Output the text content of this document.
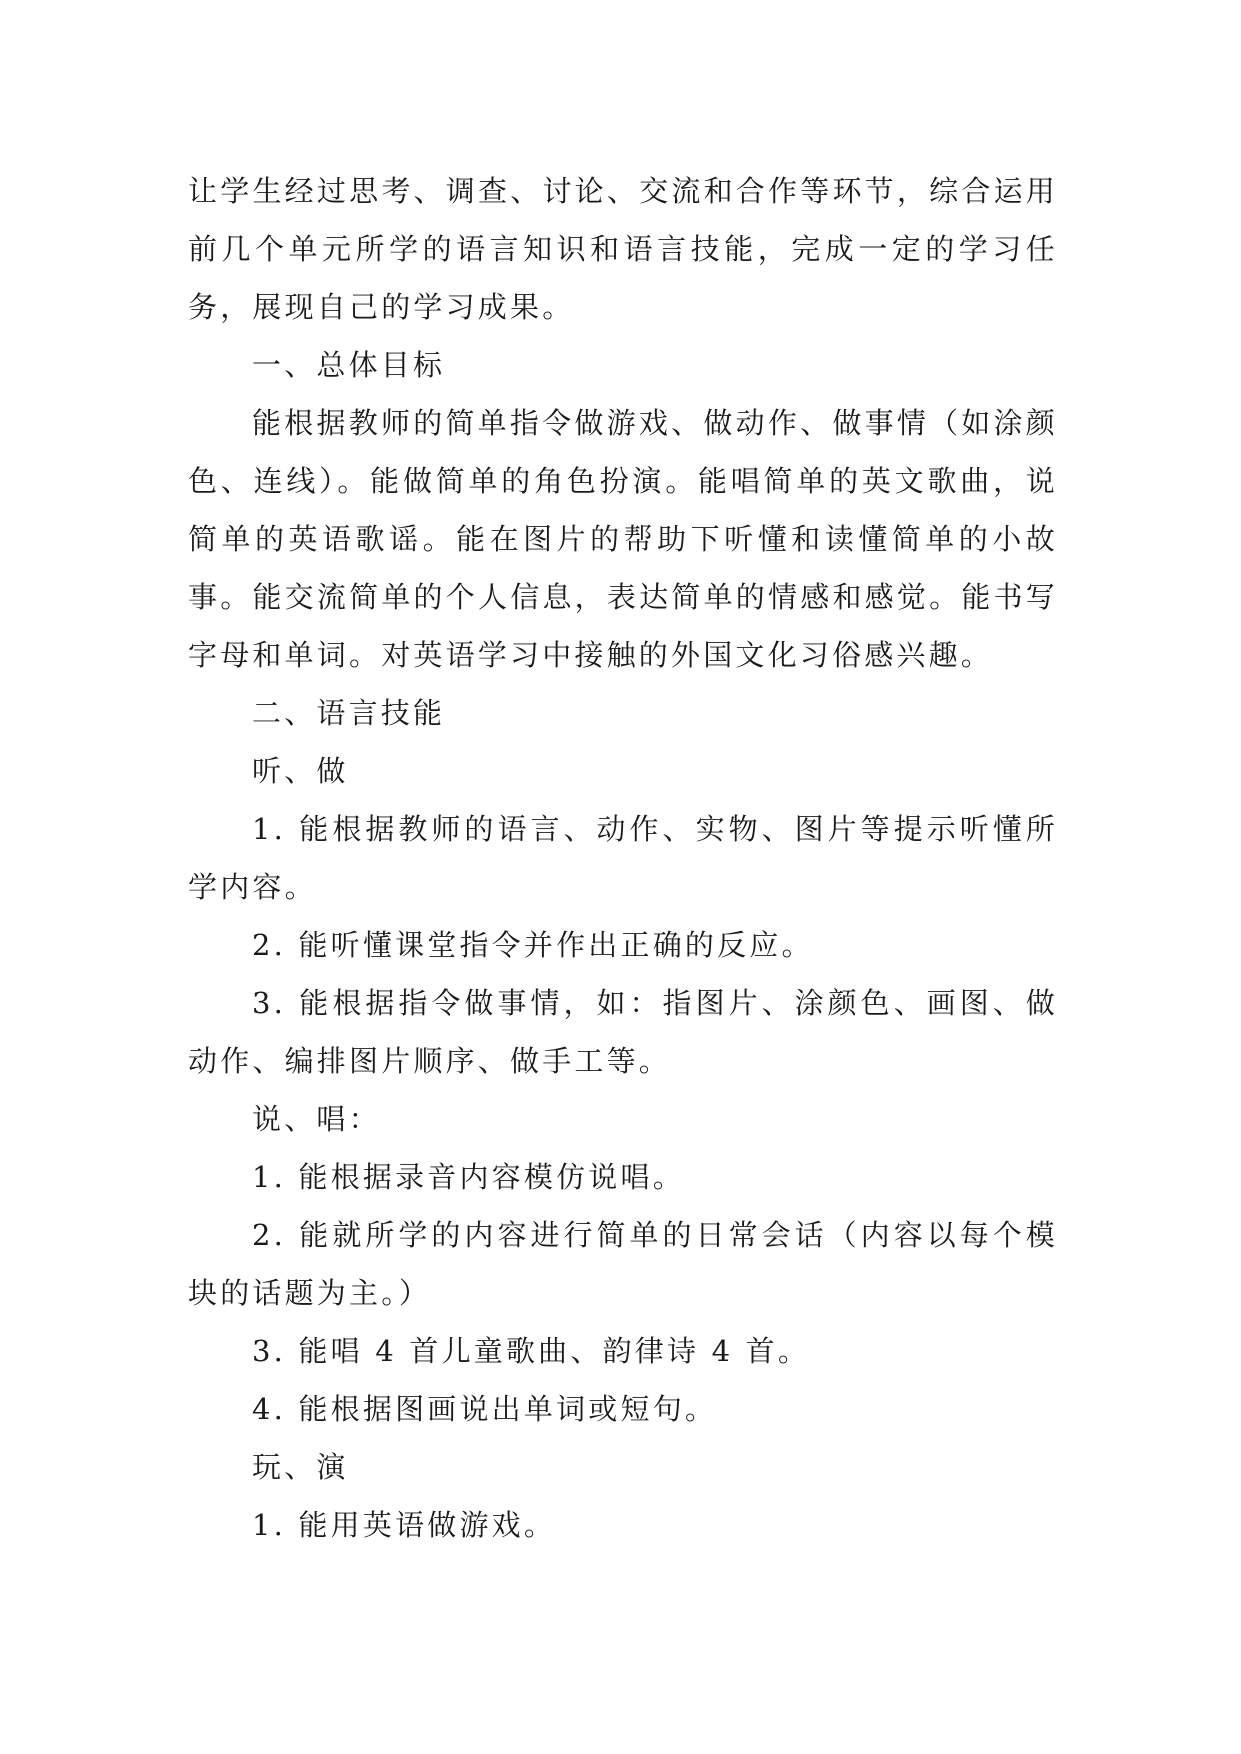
让学生经过思考、调查、讨论、交流和合作等环节，综合运用前几个单元所学的语言知识和语言技能，完成一定的学习任务，展现自己的学习成果。

一、总体目标

能根据教师的简单指令做游戏、做动作、做事情（如涂颜色、连线）。能做简单的角色扮演。能唱简单的英文歌曲，说简单的英语歌谣。能在图片的帮助下听懂和读懂简单的小故事。能交流简单的个人信息，表达简单的情感和感觉。能书写字母和单词。对英语学习中接触的外国文化习俗感兴趣。

二、语言技能

听、做

1. 能根据教师的语言、动作、实物、图片等提示听懂所学内容。

2. 能听懂课堂指令并作出正确的反应。

3. 能根据指令做事情，如：指图片、涂颜色、画图、做动作、编排图片顺序、做手工等。

说、唱：

1. 能根据录音内容模仿说唱。

2. 能就所学的内容进行简单的日常会话（内容以每个模块的话题为主。）

3. 能唱 4 首儿童歌曲、韵律诗 4 首。

4. 能根据图画说出单词或短句。

玩、演

1. 能用英语做游戏。
